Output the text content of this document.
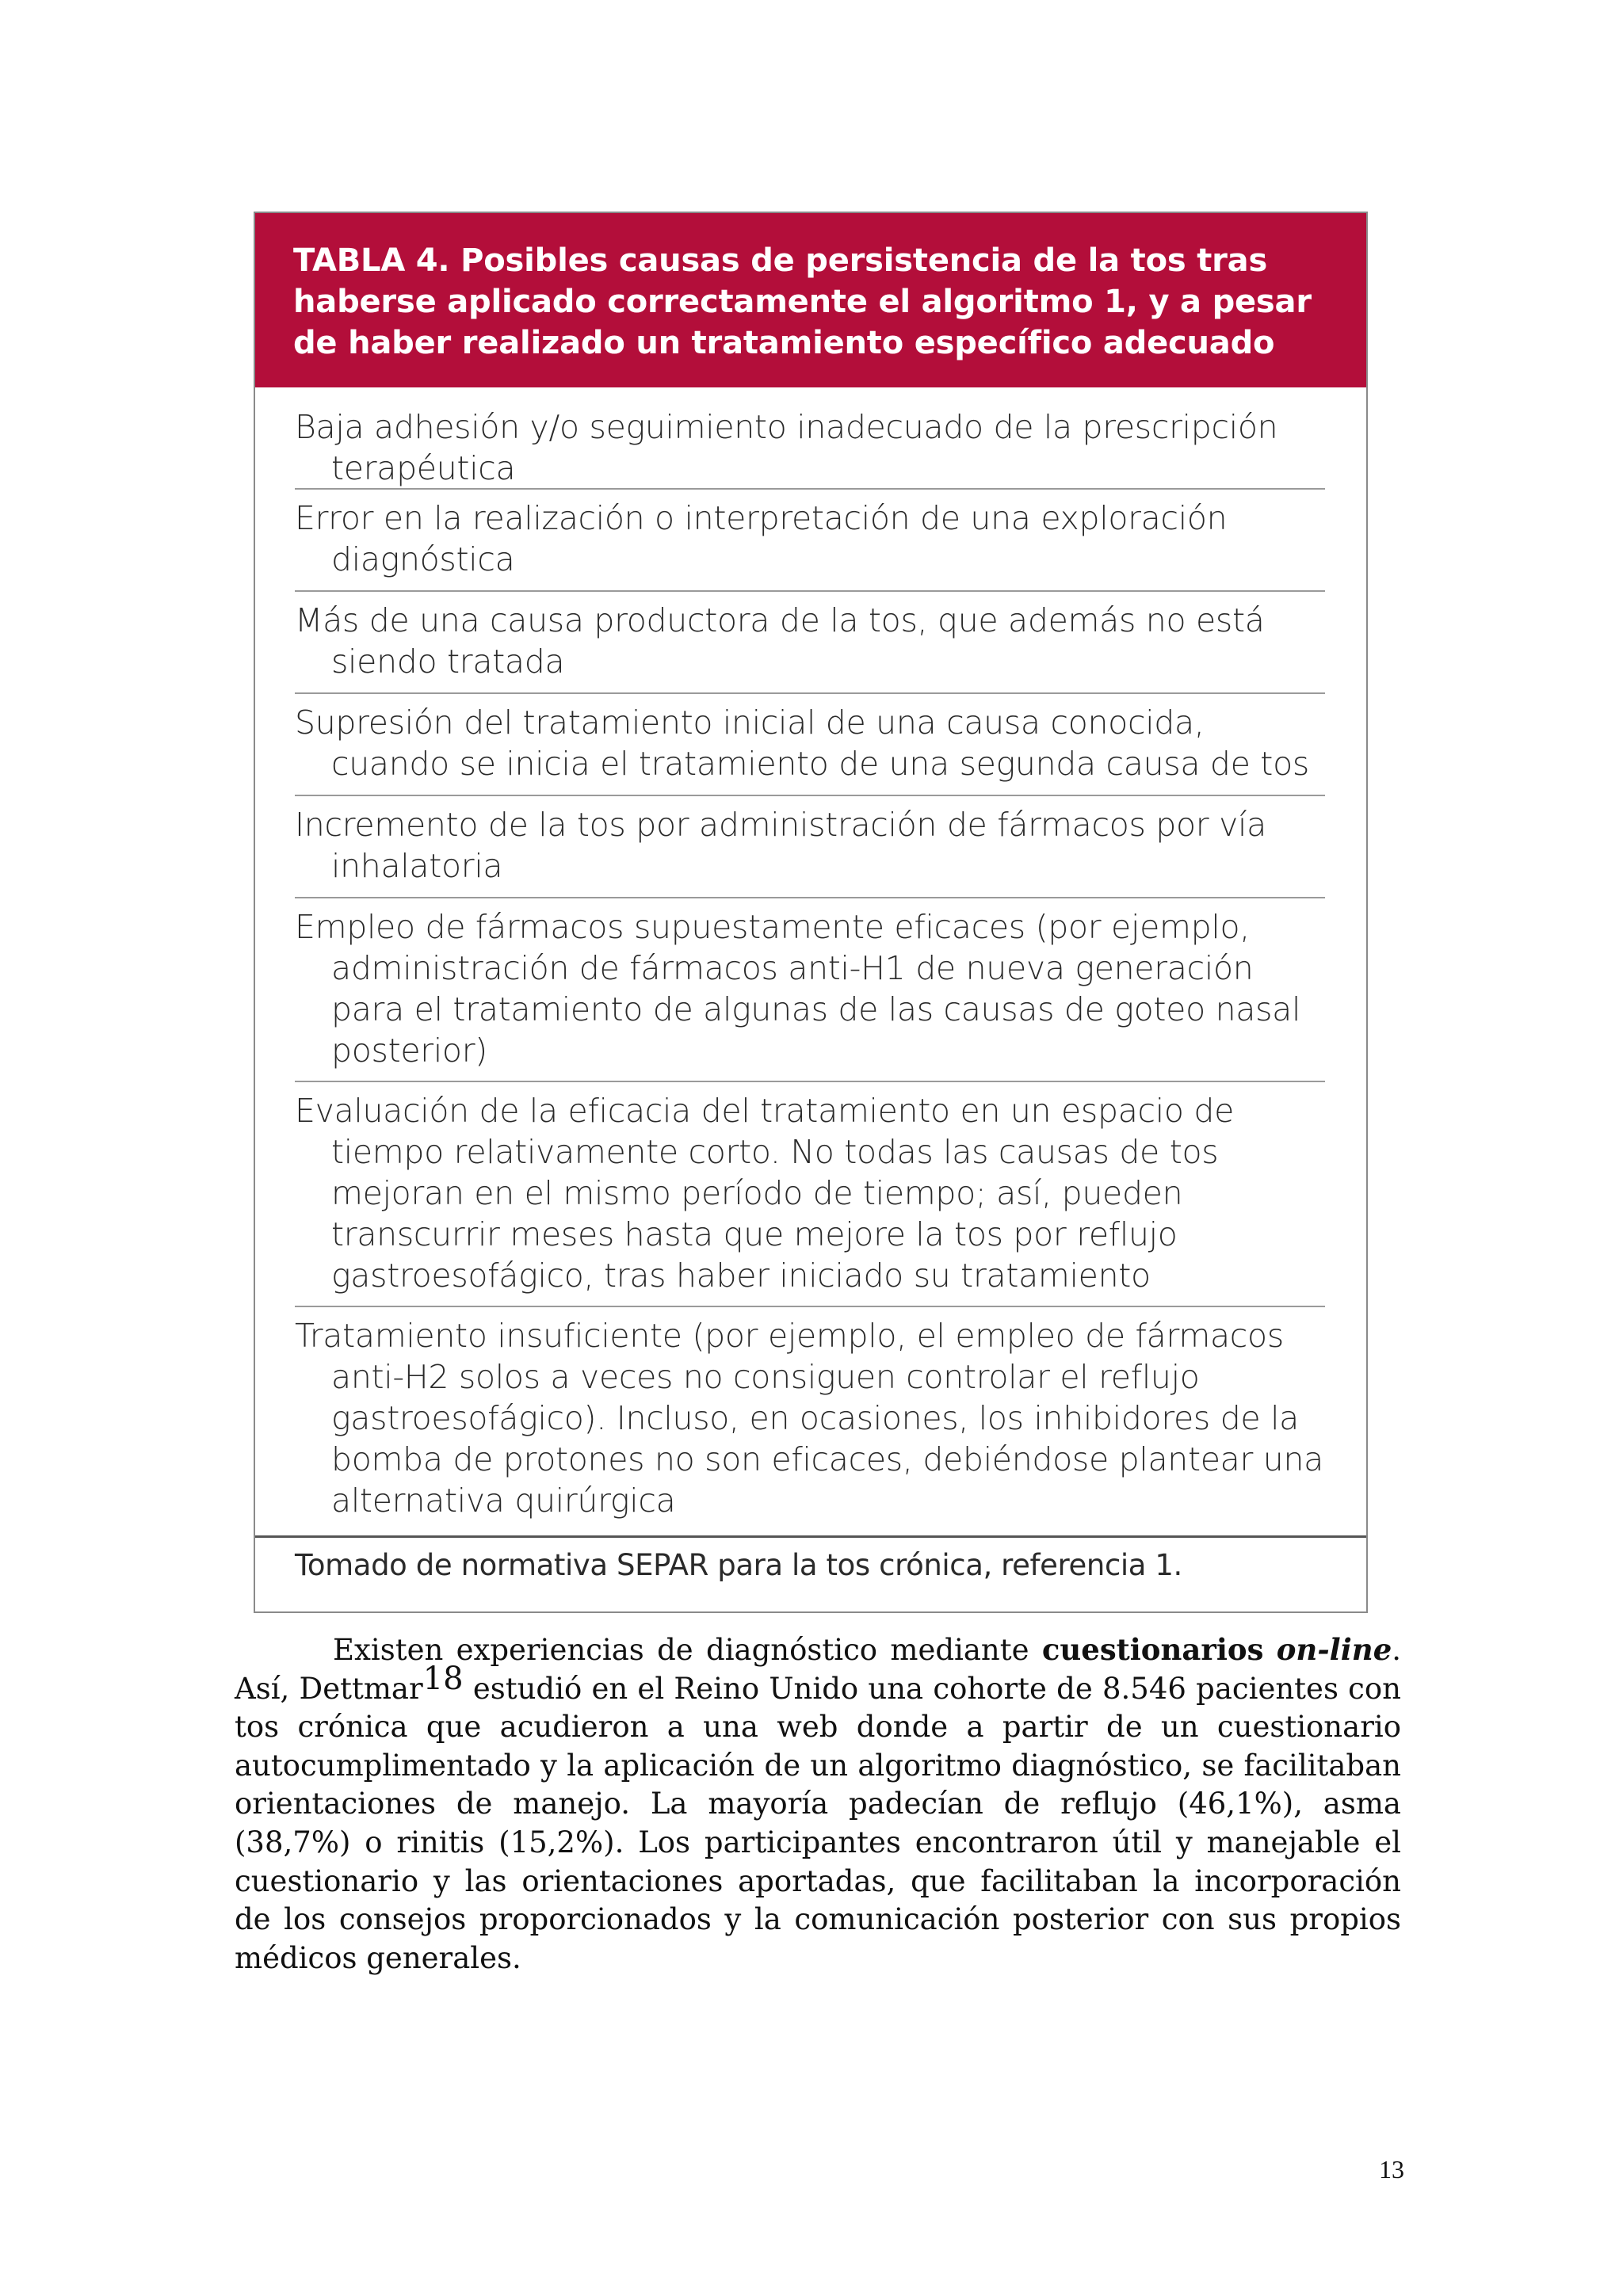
TABLA 4. Posibles causas de persistencia de la tos tras haberse aplicado correctamente el algoritmo 1, y a pesar de haber realizado un tratamiento específico adecuado
Baja adhesión y/o seguimiento inadecuado de la prescripción terapéutica
Error en la realización o interpretación de una exploración diagnóstica
Más de una causa productora de la tos, que además no está siendo tratada
Supresión del tratamiento inicial de una causa conocida, cuando se inicia el tratamiento de una segunda causa de tos
Incremento de la tos por administración de fármacos por vía inhalatoria
Empleo de fármacos supuestamente eficaces (por ejemplo, administración de fármacos anti-H1 de nueva generación para el tratamiento de algunas de las causas de goteo nasal posterior)
Evaluación de la eficacia del tratamiento en un espacio de tiempo relativamente corto. No todas las causas de tos mejoran en el mismo período de tiempo; así, pueden transcurrir meses hasta que mejore la tos por reflujo gastroesofágico, tras haber iniciado su tratamiento
Tratamiento insuficiente (por ejemplo, el empleo de fármacos anti-H2 solos a veces no consiguen controlar el reflujo gastroesofágico). Incluso, en ocasiones, los inhibidores de la bomba de protones no son eficaces, debiéndose plantear una alternativa quirúrgica
Tomado de normativa SEPAR para la tos crónica, referencia 1.

Existen experiencias de diagnóstico mediante cuestionarios on-line. Así, Dettmar$^{18}$ estudió en el Reino Unido una cohorte de 8.546 pacientes con tos crónica que acudieron a una web donde a partir de un cuestionario autocumplimentado y la aplicación de un algoritmo diagnóstico, se facilitaban orientaciones de manejo. La mayoría padecían de reflujo (46,1%), asma (38,7%) o rinitis (15,2%). Los participantes encontraron útil y manejable el cuestionario y las orientaciones aportadas, que facilitaban la incorporación de los consejos proporcionados y la comunicación posterior con sus propios médicos generales.

13
